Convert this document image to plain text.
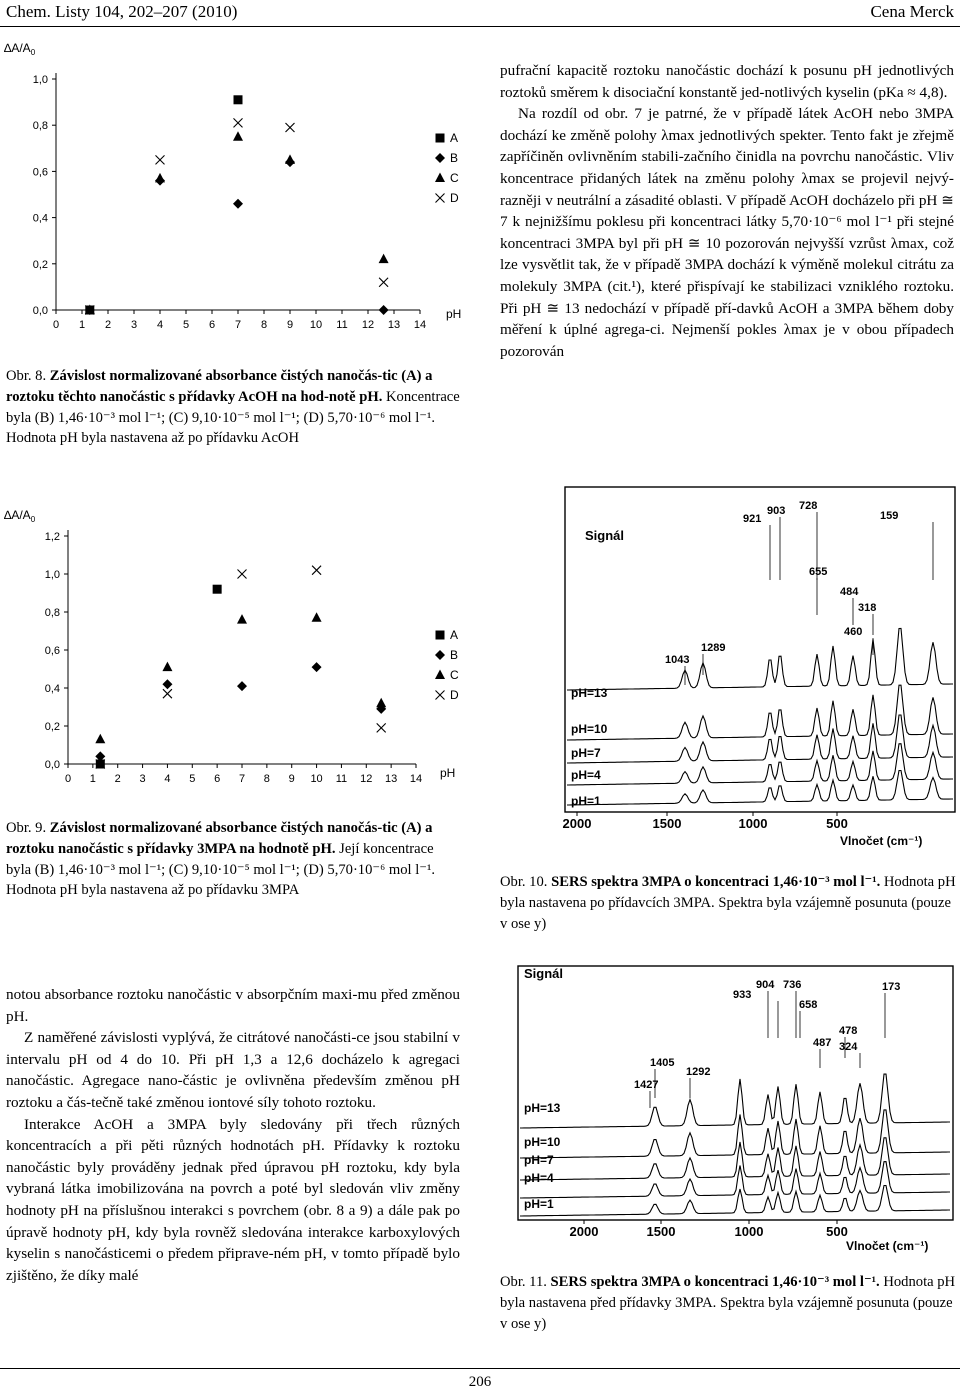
Chem. Listy 104, 202–207 (2010)	Cena Merck
$\Delta A/A_0$
1,0
0,8
0,6
0,4
0,2
0,0
0 1 2 3 4 5 6 7 8 9 10 11 12 13 14
pH
A
B
C
D
Obr. 8. Závislost normalizované absorbance čistých nanočás-tic (A) a roztoku těchto nanočástic s přídavky AcOH na hod-notě pH. Koncentrace byla (B) 1,46·10⁻³ mol l⁻¹; (C) 9,10·10⁻⁵ mol l⁻¹; (D) 5,70·10⁻⁶ mol l⁻¹. Hodnota pH byla nastavena až po přídavku AcOH

pufrační kapacitě roztoku nanočástic dochází k posunu pH jednotlivých roztoků směrem k disociační konstantě jed-notlivých kyselin (pKa ≈ 4,8).

Na rozdíl od obr. 7 je patrné, že v případě látek AcOH nebo 3MPA dochází ke změně polohy λmax jednotlivých spekter. Tento fakt je zřejmě zapříčiněn ovlivněním stabili-začního činidla na povrchu nanočástic. Vliv koncentrace přidaných látek na změnu polohy λmax se projevil nejvý-razněji v neutrální a zásadité oblasti. V případě AcOH docházelo při pH ≅ 7 k nejnižšímu poklesu při koncentraci látky 5,70·10⁻⁶ mol l⁻¹ při stejné koncentraci 3MPA byl při pH ≅ 10 pozorován nejvyšší vzrůst λmax, což lze vysvětlit tak, že v případě 3MPA dochází k výměně molekul citrátu za molekuly 3MPA (cit.¹), které přispívají ke stabilizaci vzniklého roztoku. Při pH ≅ 13 nedochází v případě pří-davků AcOH a 3MPA během doby měření k úplné agrega-ci. Nejmenší pokles λmax je v obou případech pozorován

$\Delta A/A_0$
1,2
1,0
0,8
0,6
0,4
0,2
0,0
0 1 2 3 4 5 6 7 8 9 10 11 12 13 14 pH
A
B
C
D
Obr. 9. Závislost normalizované absorbance čistých nanočás-tic (A) a roztoku nanočástic s přídavky 3MPA na hodnotě pH. Její koncentrace byla (B) 1,46·10⁻³ mol l⁻¹; (C) 9,10·10⁻⁵ mol l⁻¹; (D) 5,70·10⁻⁶ mol l⁻¹. Hodnota pH byla nastavena až po přídavku 3MPA
Signál
2000	1500	1000	500
Vlnočet (cm⁻¹)
pH=13
pH=10
pH=7
pH=4
pH=1
921
903 728
159
655
484
318
460
1043
1289
Obr. 10. SERS spektra 3MPA o koncentraci 1,46·10⁻³ mol l⁻¹. Hodnota pH byla nastavena po přídavcích 3MPA. Spektra byla vzájemně posunuta (pouze v ose y)

notou absorbance roztoku nanočástic v absorpčním maxi-mu před změnou pH.

Z naměřené závislosti vyplývá, že citrátové nanočásti-ce jsou stabilní v intervalu pH od 4 do 10. Při pH 1,3 a 12,6 docházelo k agregaci nanočástic. Agregace nano-částic je ovlivněna především změnou pH roztoku a čás-tečně také změnou iontové síly tohoto roztoku.

Interakce AcOH a 3MPA byly sledovány při třech různých koncentracích a při pěti různých hodnotách pH. Přídavky k roztoku nanočástic byly prováděny jednak před úpravou pH roztoku, kdy byla vybraná látka imobilizována na povrch a poté byl sledován vliv změny hodnoty pH na příslušnou interakci s povrchem (obr. 8 a 9) a dále pak po úpravě hodnoty pH, kdy byla rovněž sledována interakce karboxylových kyselin s nanočásticemi o předem připrave-ném pH, v tomto případě bylo zjištěno, že díky malé

Signál
2000	1500	1000	500
Vlnočet (cm⁻¹)
pH=13
pH=10
pH=7
pH=4
pH=1
904
933
736	173
658
478
487 324
1405
1292
1427
Obr. 11. SERS spektra 3MPA o koncentraci 1,46·10⁻³ mol l⁻¹. Hodnota pH byla nastavena před přídavky 3MPA. Spektra byla vzájemně posunuta (pouze v ose y)
206
